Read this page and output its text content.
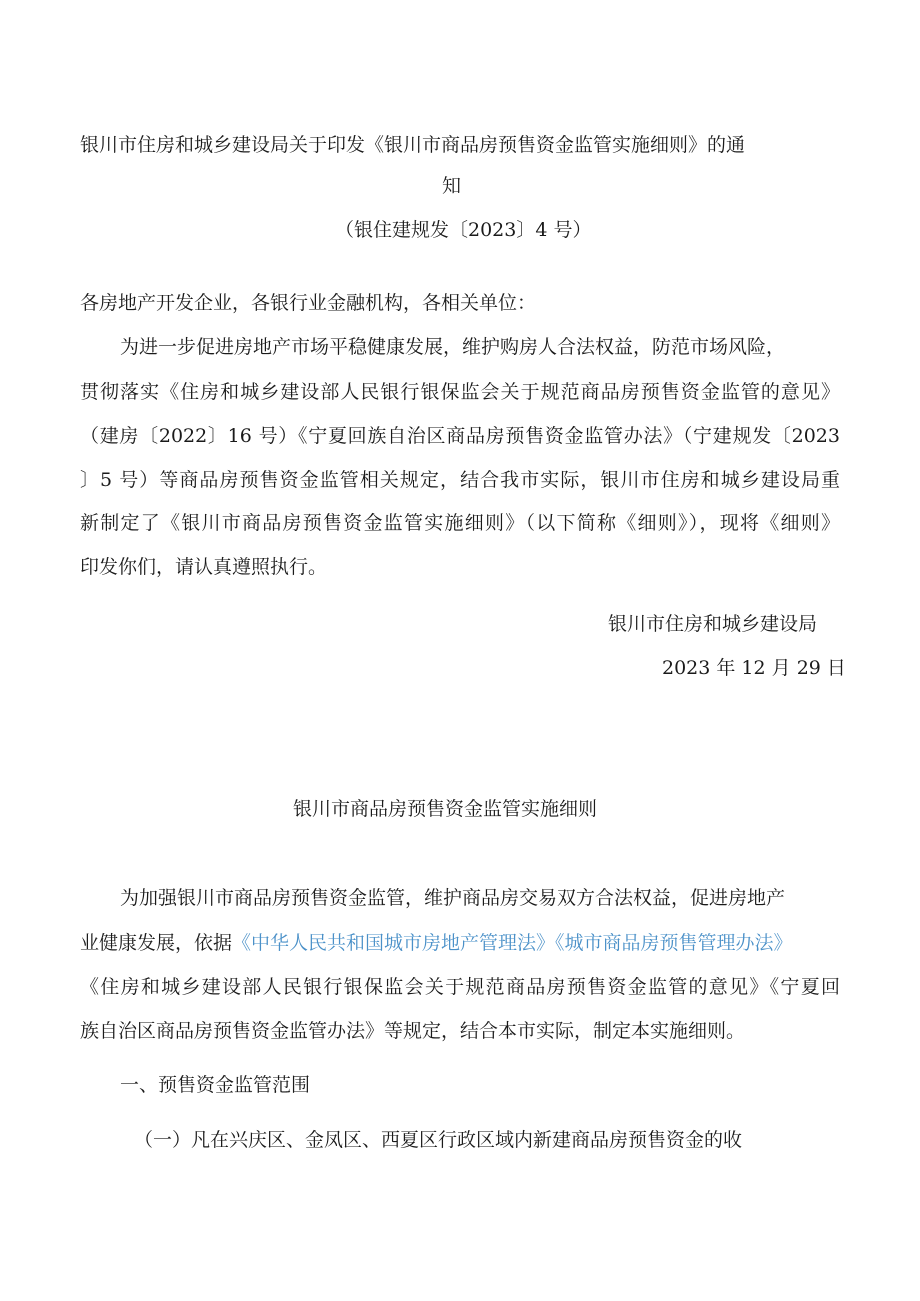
银川市住房和城乡建设局关于印发《银川市商品房预售资金监管实施细则》的通
知
（银住建规发〔2023〕4 号）
各房地产开发企业，各银行业金融机构，各相关单位：
为进一步促进房地产市场平稳健康发展，维护购房人合法权益，防范市场风险，
贯彻落实《住房和城乡建设部人民银行银保监会关于规范商品房预售资金监管的意见》
（建房〔2022〕16 号）《宁夏回族自治区商品房预售资金监管办法》（宁建规发〔2023
〕5 号）等商品房预售资金监管相关规定，结合我市实际，银川市住房和城乡建设局重
新制定了《银川市商品房预售资金监管实施细则》（以下简称《细则》），现将《细则》
印发你们，请认真遵照执行。
银川市住房和城乡建设局
2023 年 12 月 29 日
银川市商品房预售资金监管实施细则
为加强银川市商品房预售资金监管，维护商品房交易双方合法权益，促进房地产
业健康发展，依据《中华人民共和国城市房地产管理法》《城市商品房预售管理办法》
《住房和城乡建设部人民银行银保监会关于规范商品房预售资金监管的意见》《宁夏回
族自治区商品房预售资金监管办法》等规定，结合本市实际，制定本实施细则。
一、预售资金监管范围
（一）凡在兴庆区、金凤区、西夏区行政区域内新建商品房预售资金的收
